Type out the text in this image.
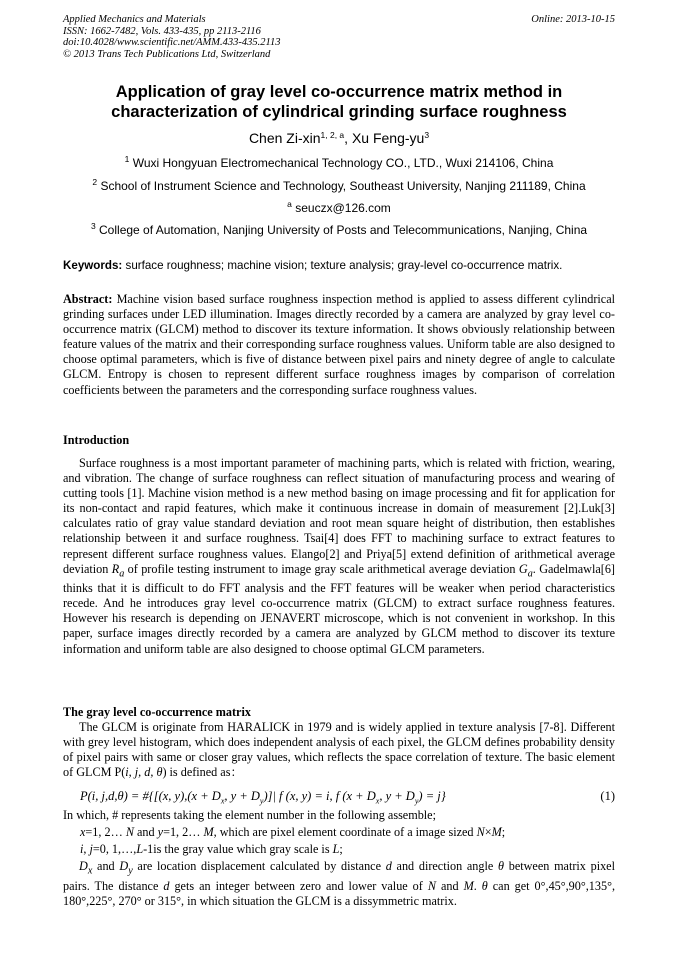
Applied Mechanics and Materials
ISSN: 1662-7482, Vols. 433-435, pp 2113-2116
doi:10.4028/www.scientific.net/AMM.433-435.2113
© 2013 Trans Tech Publications Ltd, Switzerland
Online: 2013-10-15
Application of gray level co-occurrence matrix method in
characterization of cylindrical grinding surface roughness
Chen Zi-xin$^{1, 2, a}$, Xu Feng-$yu^3$
$^1$ Wuxi Hongyuan Electromechanical Technology CO., LTD., Wuxi 214106, China
$^2$ School of Instrument Science and Technology, Southeast University, Nanjing 211189, China
$^a$ seuczx@126.com
$^3$ College of Automation, Nanjing University of Posts and Telecommunications, Nanjing, China
Keywords: surface roughness; machine vision; texture analysis; gray-level co-occurrence matrix.

Abstract: Machine vision based surface roughness inspection method is applied to assess different cylindrical grinding surfaces under LED illumination. Images directly recorded by a camera are analyzed by gray level co-occurrence matrix (GLCM) method to discover its texture information. It shows obviously relationship between feature values of the matrix and their corresponding surface roughness values. Uniform table are also designed to choose optimal parameters, which is five of distance between pixel pairs and ninety degree of angle to calculate GLCM. Entropy is chosen to represent different surface roughness images by comparison of correlation coefficients between the parameters and the corresponding surface roughness values.

Introduction

Surface roughness is a most important parameter of machining parts, which is related with friction, wearing, and vibration. The change of surface roughness can reflect situation of manufacturing process and wearing of cutting tools [1]. Machine vision method is a new method basing on image processing and fit for application for its non-contact and rapid features, which make it continuous increase in domain of measurement [2].Luk[3] calculates ratio of gray value standard deviation and root mean square height of distribution, then establishes relationship between it and surface roughness. Tsai[4] does FFT to machining surface to extract features to represent different surface roughness values. Elango[2] and Priya[5] extend definition of arithmetical average deviation $R_a$ of profile testing instrument to image gray scale arithmetical average deviation $G_a$. Gadelmawla[6] thinks that it is difficult to do FFT analysis and the FFT features will be weaker when period characteristics recede. And he introduces gray level co-occurrence matrix (GLCM) to extract surface roughness features. However his research is depending on JENAVERT microscope, which is not convenient in workshop. In this paper, surface images directly recorded by a camera are analyzed by GLCM method to discover its texture information and uniform table are also designed to choose optimal GLCM parameters.

The gray level co-occurrence matrix

The GLCM is originate from HARALICK in 1979 and is widely applied in texture analysis [7-8]. Different with grey level histogram, which does independent analysis of each pixel, the GLCM defines probability density of pixel pairs with same or closer gray values, which reflects the space correlation of texture. The basic element of GLCM P(i, j, d, θ) is defined as：

P(i, j,d,θ) = #{[(x, $y),(x + D_x$, $y + D_y)]|$ f (x, y) = i, f ($x + D_x$, $y + D_y) = j$}	(1)
In which, # represents taking the element number in the following assemble;
x=1, 2… N and y=1, 2… M, which are pixel element coordinate of a image sized N×M;
i, j=0, 1,…,L-1is the gray value which gray scale is L;

$D_x$ and $D_y$ are location displacement calculated by distance d and direction angle θ between matrix pixel pairs. The distance d gets an integer between zero and lower value of N and M. θ can get 0°,45°,90°,135°, 180°,225°, 270° or 315°, in which situation the GLCM is a dissymmetric matrix.
